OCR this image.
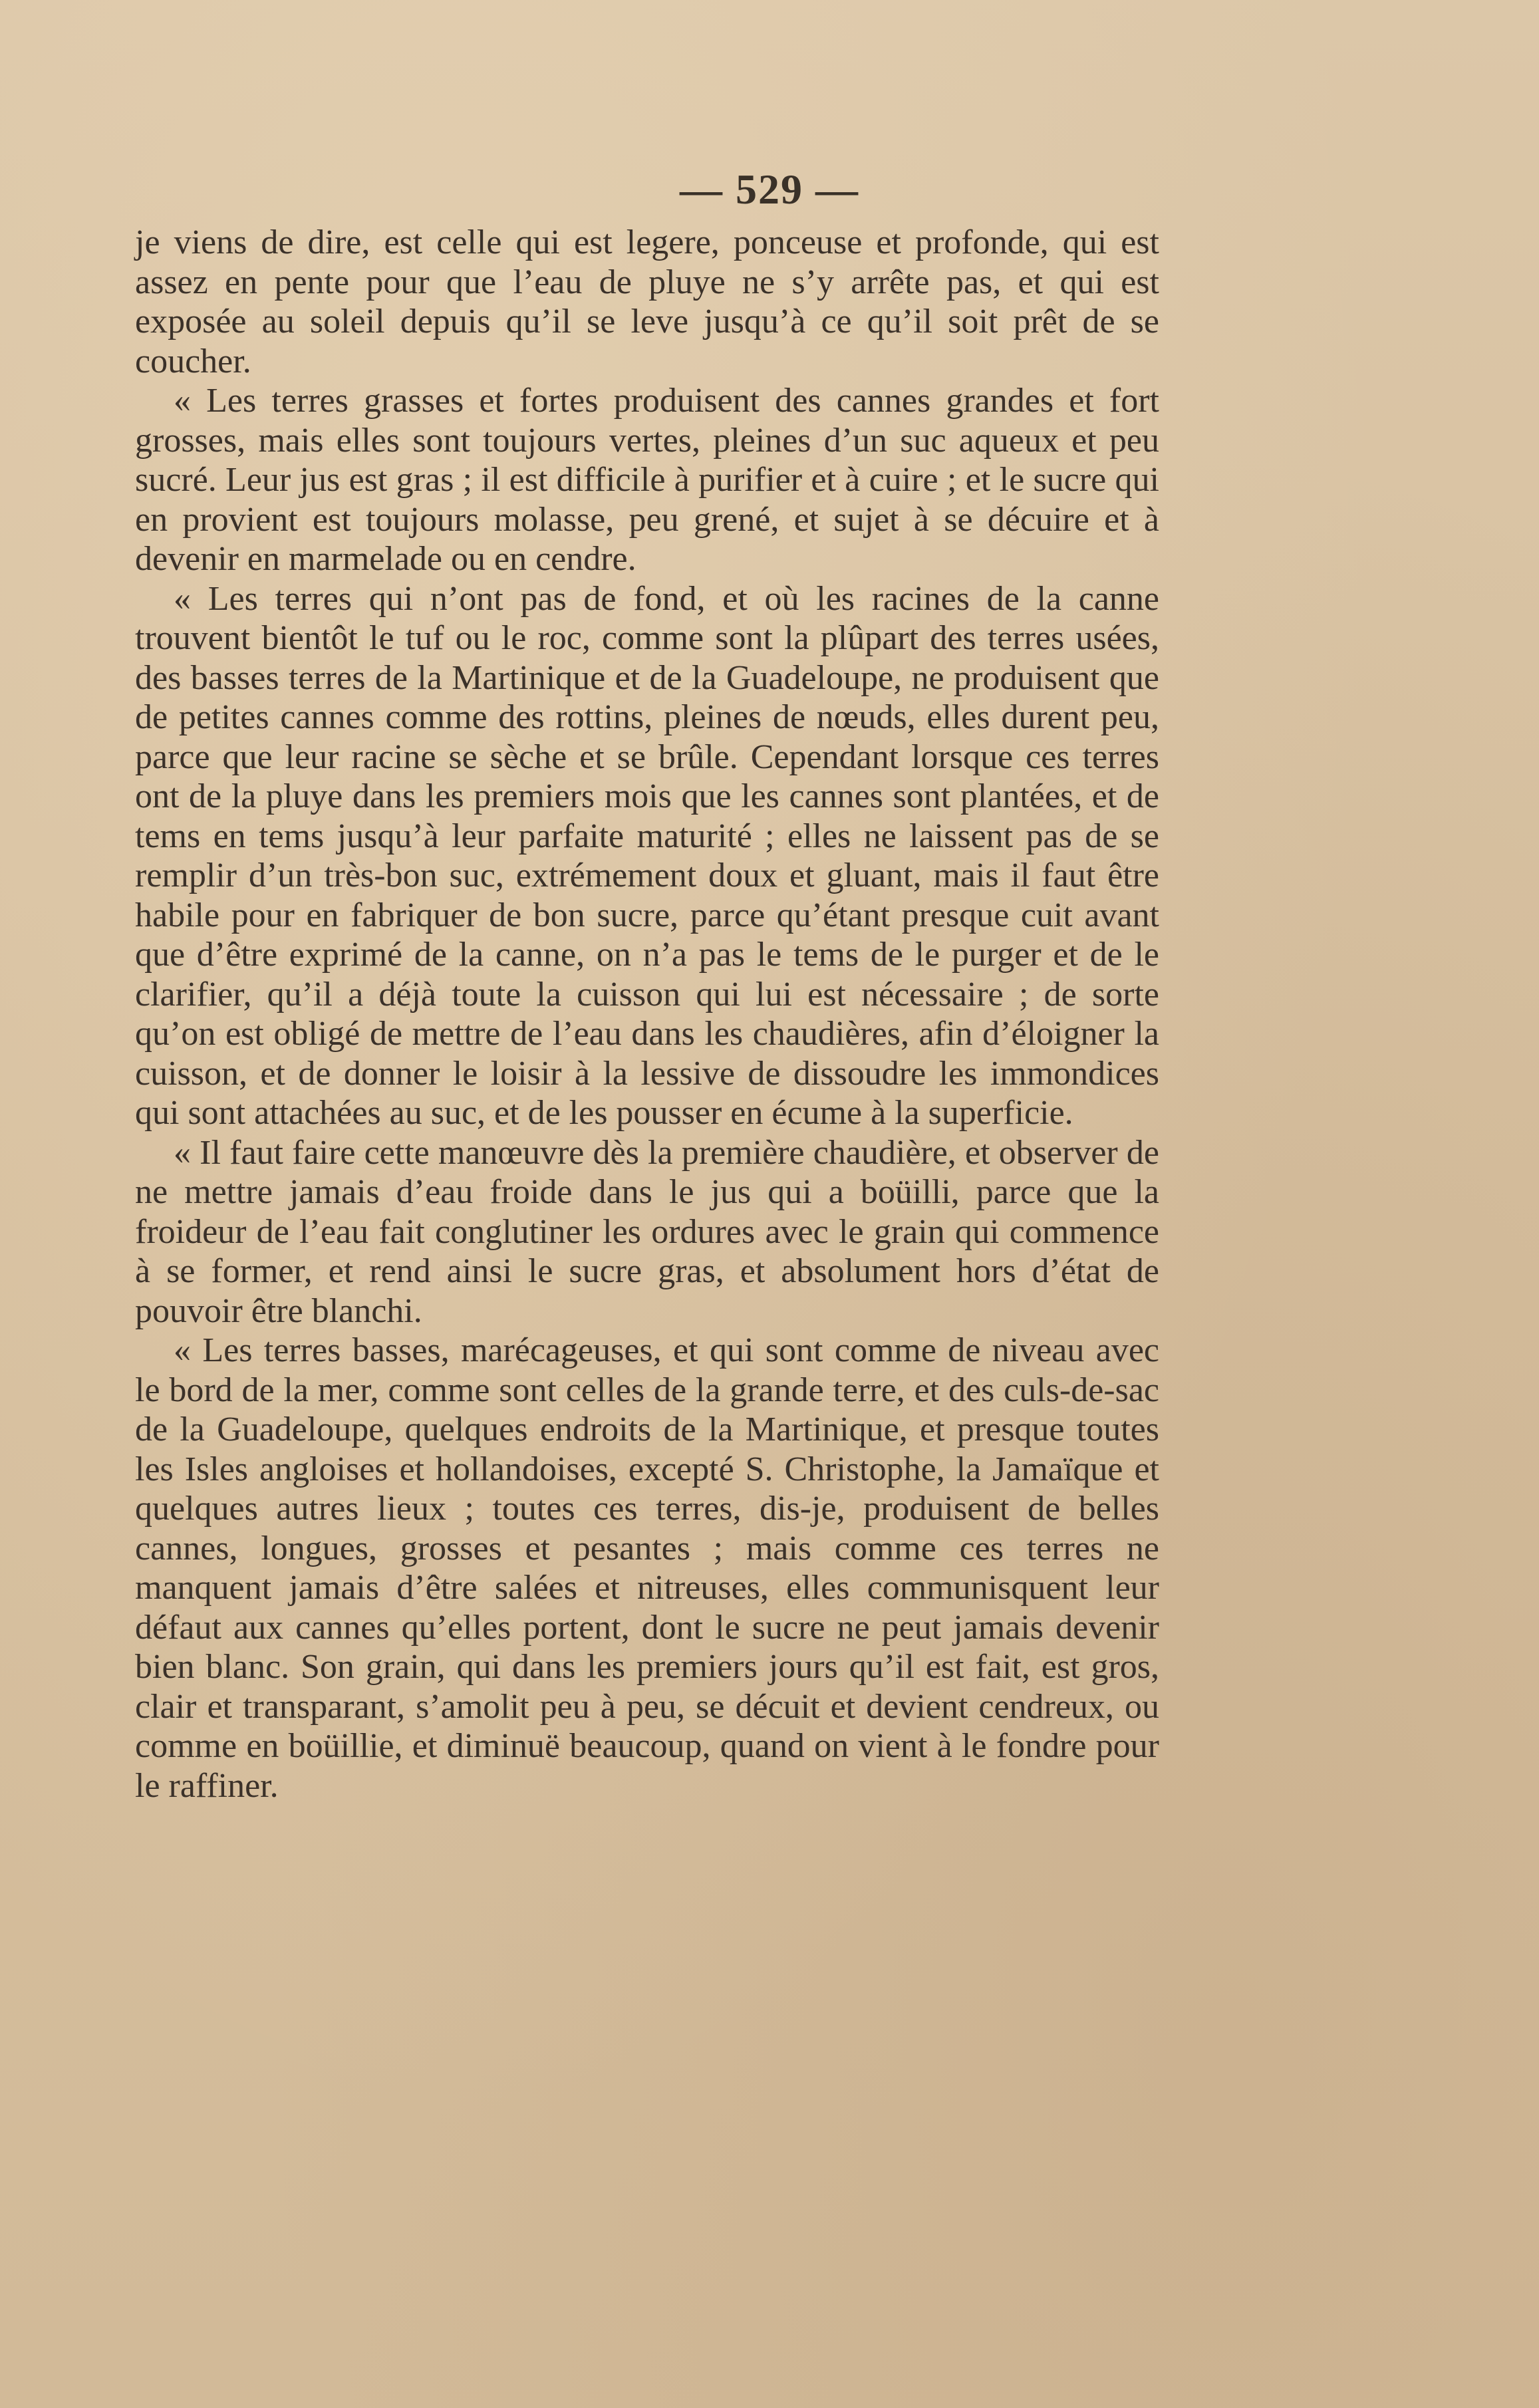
— 529 —

je viens de dire, est celle qui est legere, ponceuse et profonde, qui est assez en pente pour que l’eau de pluye ne s’y arrête pas, et qui est exposée au soleil depuis qu’il se leve jusqu’à ce qu’il soit prêt de se coucher.

« Les terres grasses et fortes produisent des cannes grandes et fort grosses, mais elles sont toujours vertes, pleines d’un suc aqueux et peu sucré. Leur jus est gras ; il est difficile à purifier et à cuire ; et le sucre qui en provient est toujours molasse, peu grené, et sujet à se décuire et à devenir en marmelade ou en cendre.

« Les terres qui n’ont pas de fond, et où les racines de la canne trouvent bientôt le tuf ou le roc, comme sont la plûpart des terres usées, des basses terres de la Martinique et de la Guadeloupe, ne produisent que de petites cannes comme des rottins, pleines de nœuds, elles durent peu, parce que leur racine se sèche et se brûle. Cependant lorsque ces terres ont de la pluye dans les premiers mois que les cannes sont plantées, et de tems en tems jusqu’à leur parfaite maturité ; elles ne laissent pas de se remplir d’un très-bon suc, extrémement doux et gluant, mais il faut être habile pour en fabriquer de bon sucre, parce qu’étant presque cuit avant que d’être exprimé de la canne, on n’a pas le tems de le purger et de le clarifier, qu’il a déjà toute la cuisson qui lui est nécessaire ; de sorte qu’on est obligé de mettre de l’eau dans les chaudières, afin d’éloigner la cuisson, et de donner le loisir à la lessive de dissoudre les immondices qui sont attachées au suc, et de les pousser en écume à la superficie.

« Il faut faire cette manœuvre dès la première chaudière, et observer de ne mettre jamais d’eau froide dans le jus qui a boüilli, parce que la froideur de l’eau fait conglutiner les ordures avec le grain qui commence à se former, et rend ainsi le sucre gras, et absolument hors d’état de pouvoir être blanchi.

« Les terres basses, marécageuses, et qui sont comme de niveau avec le bord de la mer, comme sont celles de la grande terre, et des culs-de-sac de la Guadeloupe, quelques endroits de la Martinique, et presque toutes les Isles angloises et hollandoises, excepté S. Christophe, la Jamaïque et quelques autres lieux ; toutes ces terres, dis-je, produisent de belles cannes, longues, grosses et pesantes ; mais comme ces terres ne manquent jamais d’être salées et nitreuses, elles communisquent leur défaut aux cannes qu’elles portent, dont le sucre ne peut jamais devenir bien blanc. Son grain, qui dans les premiers jours qu’il est fait, est gros, clair et transparant, s’amolit peu à peu, se décuit et devient cendreux, ou comme en boüillie, et diminuë beaucoup, quand on vient à le fondre pour le raffiner.
